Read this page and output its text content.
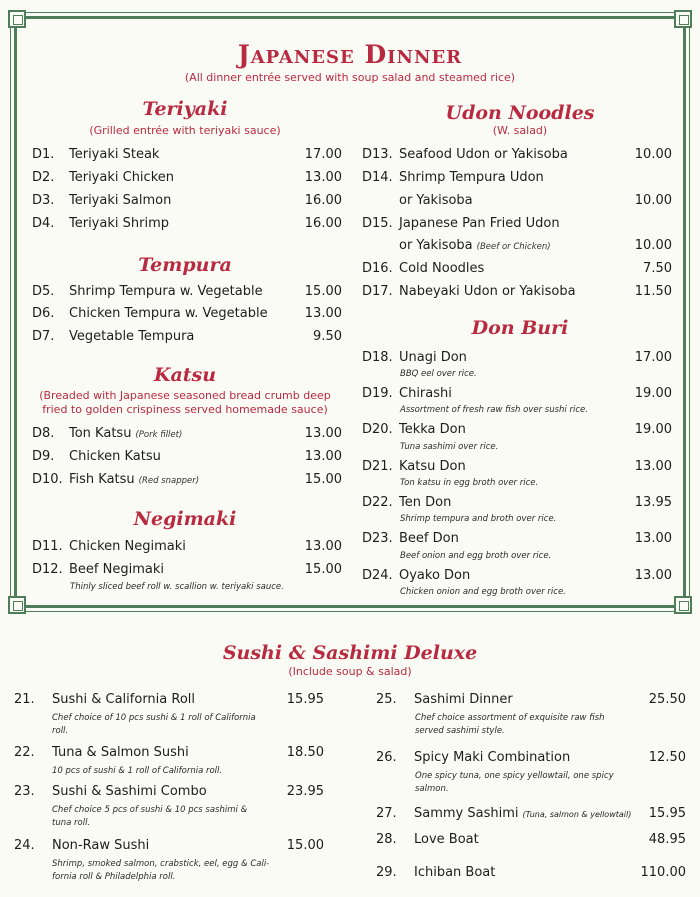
Japanese Dinner
(All dinner entrée served with soup salad and steamed rice)
Teriyaki
(Grilled entrée with teriyaki sauce)
D1.	Teriyaki Steak	17.00
D2.	Teriyaki Chicken	13.00
D3.	Teriyaki Salmon	16.00
D4.	Teriyaki Shrimp	16.00
Tempura
D5.	Shrimp Tempura w. Vegetable	15.00
D6.	Chicken Tempura w. Vegetable	13.00
D7.	Vegetable Tempura	9.50
Katsu
(Breaded with Japanese seasoned bread crumb deep
fried to golden crispiness served homemade sauce)
D8.	Ton Katsu (Pork fillet)	13.00
D9.	Chicken Katsu	13.00
D10. Fish Katsu (Red snapper)	15.00
Negimaki
D11. Chicken Negimaki	13.00
D12. Beef Negimaki	15.00
Thinly sliced beef roll w. scallion w. teriyaki sauce.
Udon Noodles
(W. salad)
D13. Seafood Udon or Yakisoba	10.00
D14. Shrimp Tempura Udon
or Yakisoba	10.00
D15. Japanese Pan Fried Udon
or Yakisoba (Beef or Chicken)	10.00
D16. Cold Noodles	7.50
D17. Nabeyaki Udon or Yakisoba	11.50
Don Buri
D18. Unagi Don	17.00
BBQ eel over rice.
D19. Chirashi	19.00
Assortment of fresh raw fish over sushi rice.
D20. Tekka Don	19.00
Tuna sashimi over rice.
D21. Katsu Don	13.00
Ton katsu in egg broth over rice.
D22. Ten Don	13.95
Shrimp tempura and broth over rice.
D23. Beef Don	13.00
Beef onion and egg broth over rice.
D24. Oyako Don	13.00
Chicken onion and egg broth over rice.
Sushi & Sashimi Deluxe
(Include soup & salad)
21.	Sushi & California Roll	15.95
Chef choice of 10 pcs sushi & 1 roll of California
roll.
22.	Tuna & Salmon Sushi	18.50
10 pcs of sushi & 1 roll of California roll.
23.	Sushi & Sashimi Combo	23.95
Chef choice 5 pcs of sushi & 10 pcs sashimi &
tuna roll.
24.	Non-Raw Sushi	15.00
Shrimp, smoked salmon, crabstick, eel, egg & Cali-
fornia roll & Philadelphia roll.
25.	Sashimi Dinner	25.50
Chef choice assortment of exquisite raw fish
served sashimi style.
26.	Spicy Maki Combination	12.50
One spicy tuna, one spicy yellowtail, one spicy
salmon.
27.	Sammy Sashimi (Tuna, salmon & yellowtail)	15.95
28.	Love Boat	48.95
29.	Ichiban Boat	110.00
